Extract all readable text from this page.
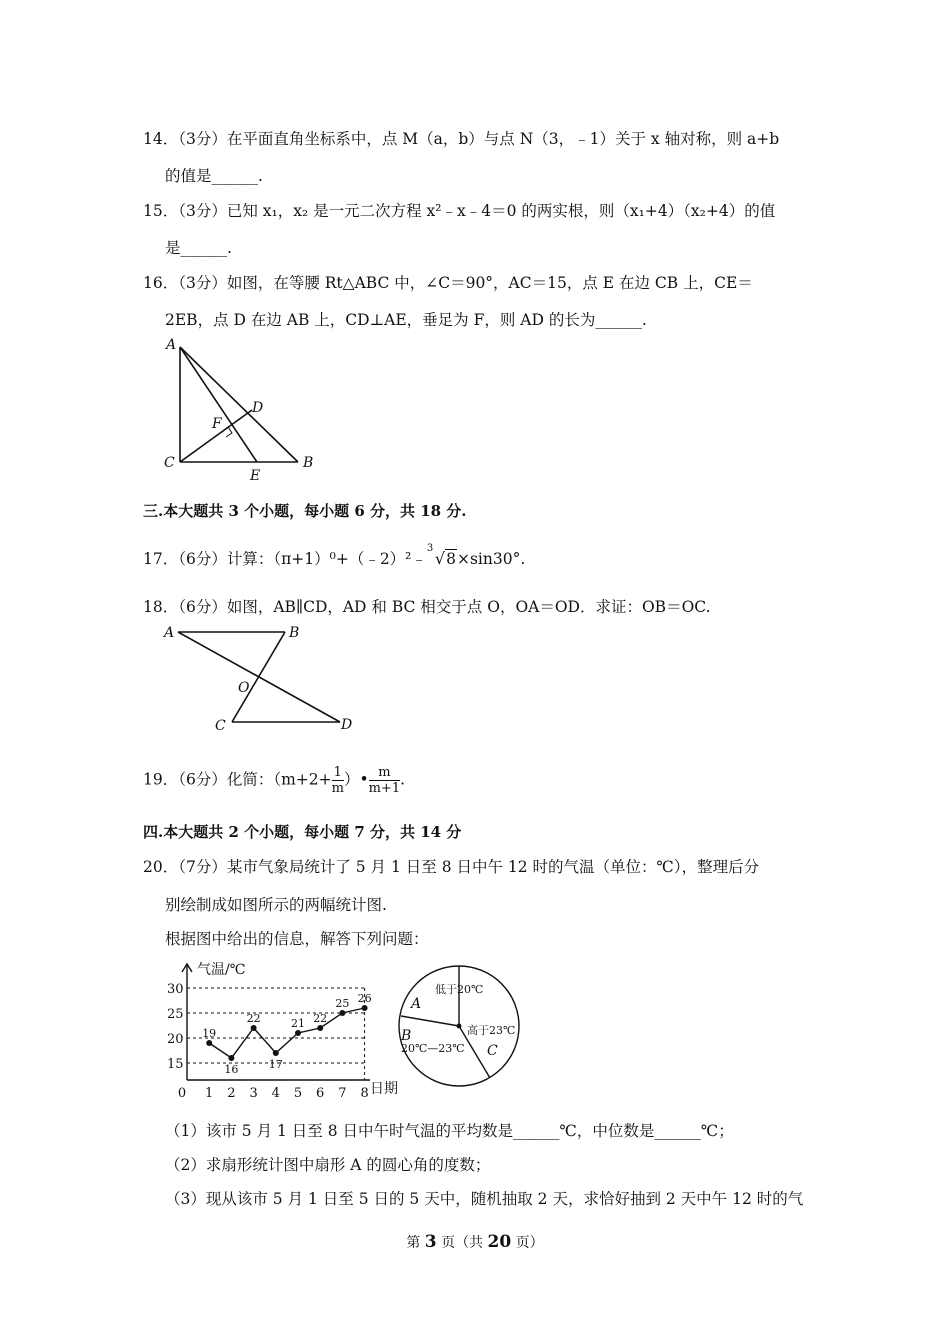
14．（3分）在平面直角坐标系中，点 M（a，b）与点 N（3，﹣1）关于 x 轴对称，则 a+b
的值是______.
15．（3分）已知 x₁，x₂ 是一元二次方程 x²﹣x﹣4＝0 的两实根，则（x₁+4）（x₂+4）的值
是______.
16．（3分）如图，在等腰 Rt△ABC 中，∠C＝90°，AC＝15，点 E 在边 CB 上，CE＝
2EB，点 D 在边 AB 上，CD⊥AE，垂足为 F，则 AD 的长为______.
A
C	B
D
F
E
三.本大题共 3 个小题，每小题 6 分，共 18 分.
17．（6分）计算：（π+1）⁰+（﹣2）²﹣
3
√8×sin30°.
18．（6分）如图，AB∥CD，AD 和 BC 相交于点 O，OA＝OD．求证：OB＝OC.
A	B
O
C	D
19．（6分）化简：（$m+2+ \frac{1}{m}$ ）• $\frac{m}{m+1}$ .
四.本大题共 2 个小题，每小题 7 分，共 14 分
20．（7分）某市气象局统计了 5 月 1 日至 8 日中午 12 时的气温（单位：℃），整理后分
别绘制成如图所示的两幅统计图.
根据图中给出的信息，解答下列问题：
气温/℃
日期
0
15
20
25
30
1 2 3 4 5 6 7 8
19
16
22
17
21 22
25 26
低于20℃
高于23℃
20℃—23℃
A
B
C
（1）该市 5 月 1 日至 8 日中午时气温的平均数是______℃，中位数是______℃；
（2）求扇形统计图中扇形 A 的圆心角的度数；
（3）现从该市 5 月 1 日至 5 日的 5 天中，随机抽取 2 天，求恰好抽到 2 天中午 12 时的气
第 3 页（共 20 页）
